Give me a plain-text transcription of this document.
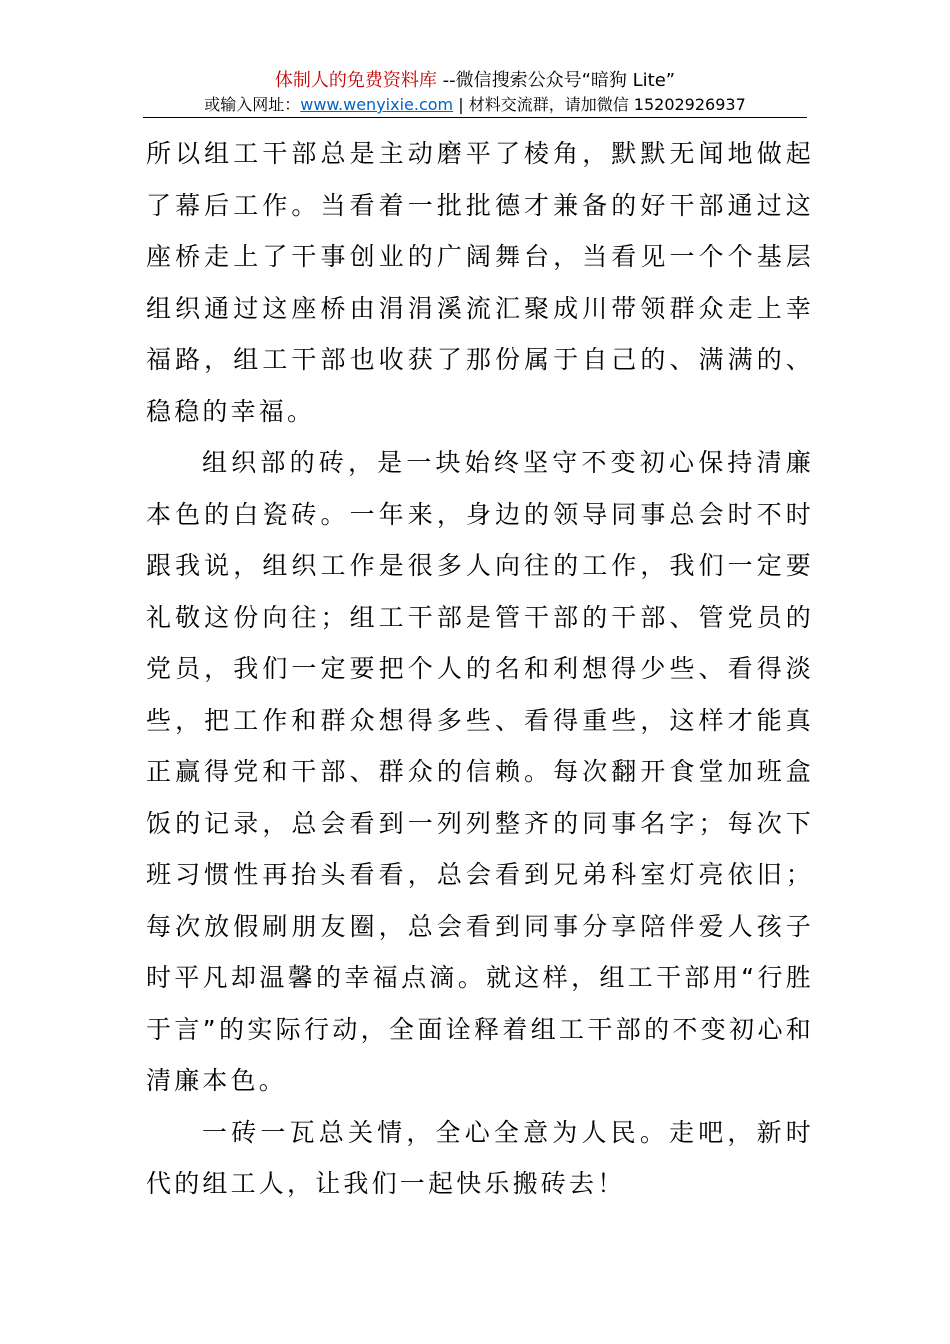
体制人的免费资料库 --微信搜索公众号“暗狗 Lite”
或输入网址：www.wenyixie.com | 材料交流群，请加微信 15202926937

所以组工干部总是主动磨平了棱角，默默无闻地做起了幕后工作。当看着一批批德才兼备的好干部通过这座桥走上了干事创业的广阔舞台，当看见一个个基层组织通过这座桥由涓涓溪流汇聚成川带领群众走上幸福路，组工干部也收获了那份属于自己的、满满的、稳稳的幸福。

组织部的砖，是一块始终坚守不变初心保持清廉本色的白瓷砖。一年来，身边的领导同事总会时不时跟我说，组织工作是很多人向往的工作，我们一定要礼敬这份向往；组工干部是管干部的干部、管党员的党员，我们一定要把个人的名和利想得少些、看得淡些，把工作和群众想得多些、看得重些，这样才能真正赢得党和干部、群众的信赖。每次翻开食堂加班盒饭的记录，总会看到一列列整齐的同事名字；每次下班习惯性再抬头看看，总会看到兄弟科室灯亮依旧；每次放假刷朋友圈，总会看到同事分享陪伴爱人孩子时平凡却温馨的幸福点滴。就这样，组工干部用“行胜于言”的实际行动，全面诠释着组工干部的不变初心和清廉本色。

一砖一瓦总关情，全心全意为人民。走吧，新时代的组工人，让我们一起快乐搬砖去！
